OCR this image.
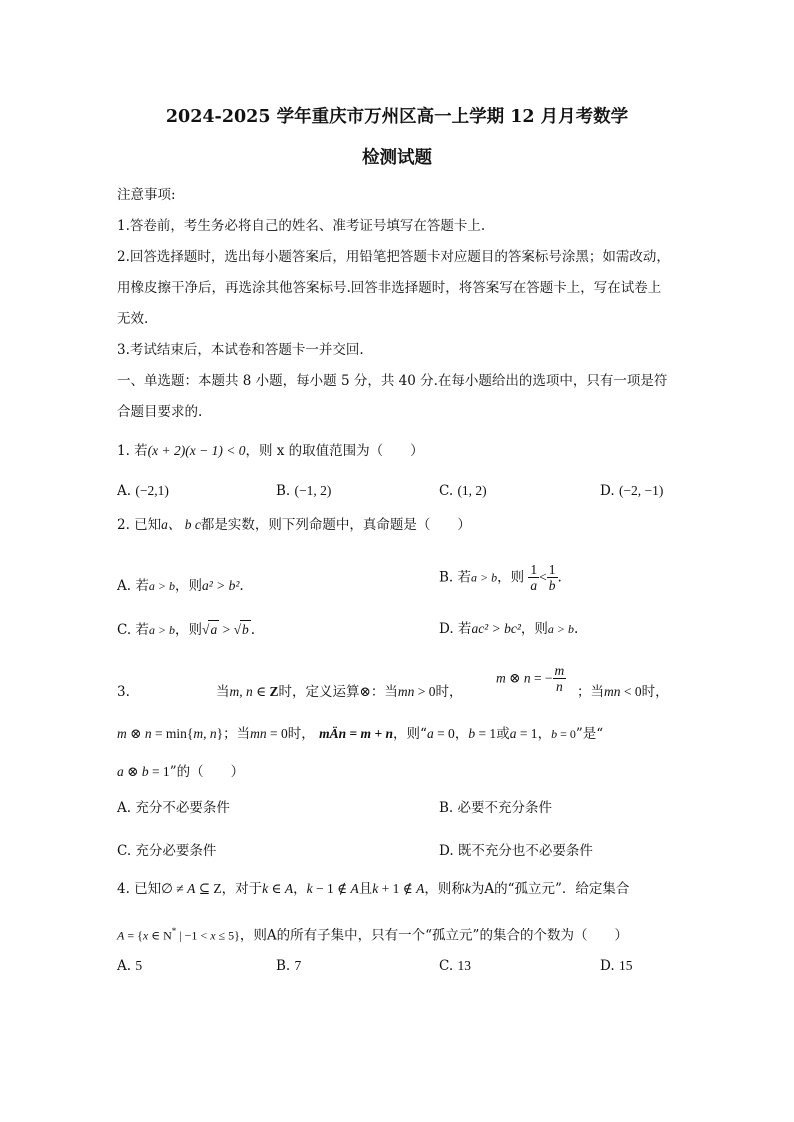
2024-2025 学年重庆市万州区高一上学期 12 月月考数学
检测试题
注意事项:
1.答卷前，考生务必将自己的姓名、准考证号填写在答题卡上.
2.回答选择题时，选出每小题答案后，用铅笔把答题卡对应题目的答案标号涂黑；如需改动，
用橡皮擦干净后，再选涂其他答案标号.回答非选择题时，将答案写在答题卡上，写在试卷上
无效.
3.考试结束后，本试卷和答题卡一并交回.
一、单选题：本题共 8 小题，每小题 5 分，共 40 分.在每小题给出的选项中，只有一项是符
合题目要求的.
1. 若(x + 2)(x − 1) < 0，则 x 的取值范围为（　　）
A. (−2,1)	B. (−1, 2)	C. (1, 2)	D. (−2, −1)
2. 已知a、 b c都是实数，则下列命题中，真命题是（　　）
A. 若a > b，则a² > b².
B. 若a > b，则 $\frac{1}{a} < \frac{1}{b}$ .
C. 若a > b，则√a > √b .	D. 若ac² > bc²，则a > b.
3.	当m, n ∈ Z时，定义运算⊗：当mn > 0时，
m ⊗ n = − $\frac{m}{n}$ ；当mn < 0时，
m ⊗ n = min{m, n}；当mn = 0时， mÄn = m + n，则“a = 0，b = 1或a = 1，b = 0”是“
a ⊗ b = 1”的（　　）
A. 充分不必要条件	B. 必要不充分条件
C. 充分必要条件	D. 既不充分也不必要条件
4. 已知∅ ≠ A ⊆ Z，对于k ∈ A，k − 1 ∉ A且k + 1 ∉ A，则称k为A的“孤立元”．给定集合
A = {x ∈ N* | −1 < x ≤ 5}，则A的所有子集中，只有一个“孤立元”的集合的个数为（　　）
A. 5	B. 7	C. 13	D. 15
